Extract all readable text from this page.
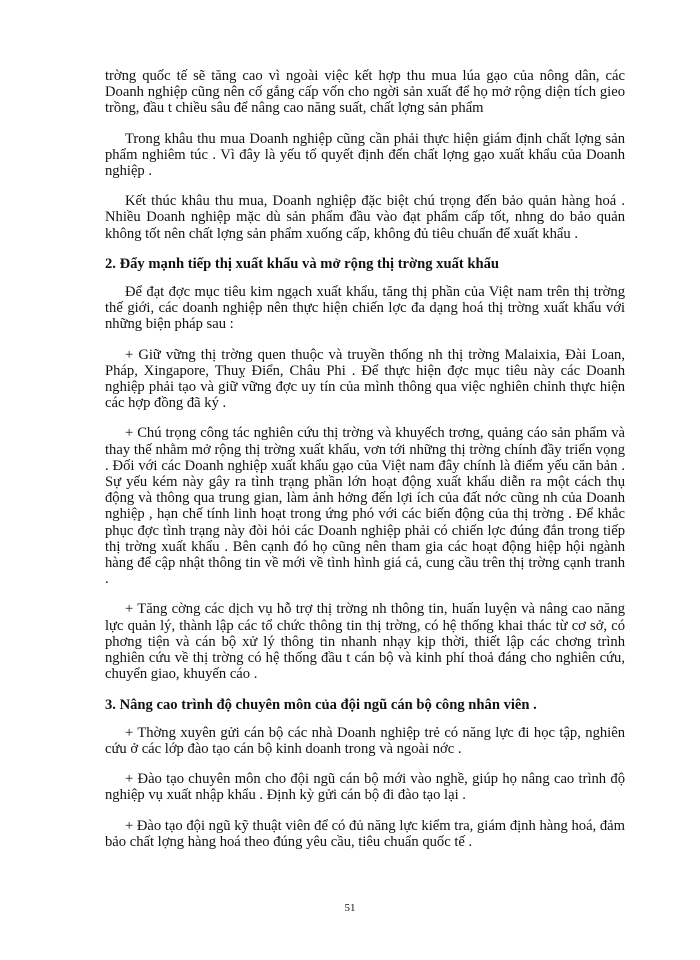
trờng quốc tế sẽ tăng cao vì ngoài việc kết hợp thu mua lúa gạo của nông dân, các Doanh nghiệp cũng nên cố gắng cấp vốn cho ngời sản xuất để họ mở rộng diện tích gieo trồng, đầu t chiều sâu để nâng cao năng suất, chất lợng sản phẩm

Trong khâu thu mua Doanh nghiệp cũng cần phải thực hiện giám định chất lợng sản phẩm nghiêm túc . Vì đây là yếu tố quyết định đến chất lợng gạo xuất khẩu của Doanh nghiệp .

Kết thúc khâu thu mua, Doanh nghiệp đặc biệt chú trọng đến bảo quản hàng hoá . Nhiều Doanh nghiệp mặc dù sản phẩm đầu vào đạt phẩm cấp tốt, nhng do bảo quản không tốt nên chất lợng sản phẩm xuống cấp, không đủ tiêu chuẩn để xuất khẩu .

2. Đẩy mạnh tiếp thị xuất khẩu và mở rộng thị trờng xuất khẩu

Để đạt đợc mục tiêu kim ngạch xuất khẩu, tăng thị phần của Việt nam trên thị trờng thế giới, các doanh nghiệp nên thực hiện chiến lợc đa dạng hoá thị trờng xuất khẩu với những biện pháp sau :

+ Giữ vững thị trờng quen thuộc và truyền thống nh thị trờng Malaixia, Đài Loan, Pháp, Xingapore, Thuỵ Điển, Châu Phi . Để thực hiện đợc mục tiêu này các Doanh nghiệp phải tạo và giữ vững đợc uy tín của mình thông qua việc nghiên chỉnh thực hiện các hợp đồng đã ký .

+ Chú trọng công tác nghiên cứu thị trờng và khuyếch trơng, quảng cáo sản phẩm và thay thế nhằm mở rộng thị trờng xuất khẩu, vơn tới những thị trờng chính đầy triển vọng . Đối với các Doanh nghiệp xuất khẩu gạo của Việt nam đây chính là điểm yếu căn bản . Sự yếu kém này gây ra tình trạng phần lớn hoạt động xuất khẩu diễn ra một cách thụ động và thông qua trung gian, làm ảnh hởng đến lợi ích của đất nớc cũng nh của Doanh nghiệp , hạn chế tính linh hoạt trong ứng phó với các biến động của thị trờng . Để khắc phục đợc tình trạng này đòi hỏi các Doanh nghiệp phải có chiến lợc đúng đắn trong tiếp thị trờng xuất khẩu . Bên cạnh đó họ cũng nên tham gia các hoạt động hiệp hội ngành hàng để cập nhật thông tin về mới về tình hình giá cả, cung cầu trên thị trờng cạnh tranh .

+ Tăng cờng các dịch vụ hỗ trợ thị trờng nh thông tin, huấn luyện và nâng cao năng lực quản lý, thành lập các tổ chức thông tin thị trờng, có hệ thống khai thác từ cơ sở, có phơng tiện và cán bộ xử lý thông tin nhanh nhạy kịp thời, thiết lập các chơng trình nghiên cứu về thị trờng có hệ thống đầu t cán bộ và kinh phí thoả đáng cho nghiên cứu, chuyển giao, khuyến cáo .

3. Nâng cao trình độ chuyên môn của đội ngũ cán bộ công nhân viên .

+ Thờng xuyên gửi cán bộ các nhà Doanh nghiệp trẻ có năng lực đi học tập, nghiên cứu ở các lớp đào tạo cán bộ kinh doanh trong và ngoài nớc .

+ Đào tạo chuyên môn cho đội ngũ cán bộ mới vào nghề, giúp họ nâng cao trình độ nghiệp vụ xuất nhập khẩu . Định kỳ gửi cán bộ đi đào tạo lại .

+ Đào tạo đội ngũ kỹ thuật viên để có đủ năng lực kiểm tra, giám định hàng hoá, đảm bảo chất lợng hàng hoá theo đúng yêu cầu, tiêu chuẩn quốc tế .

51
